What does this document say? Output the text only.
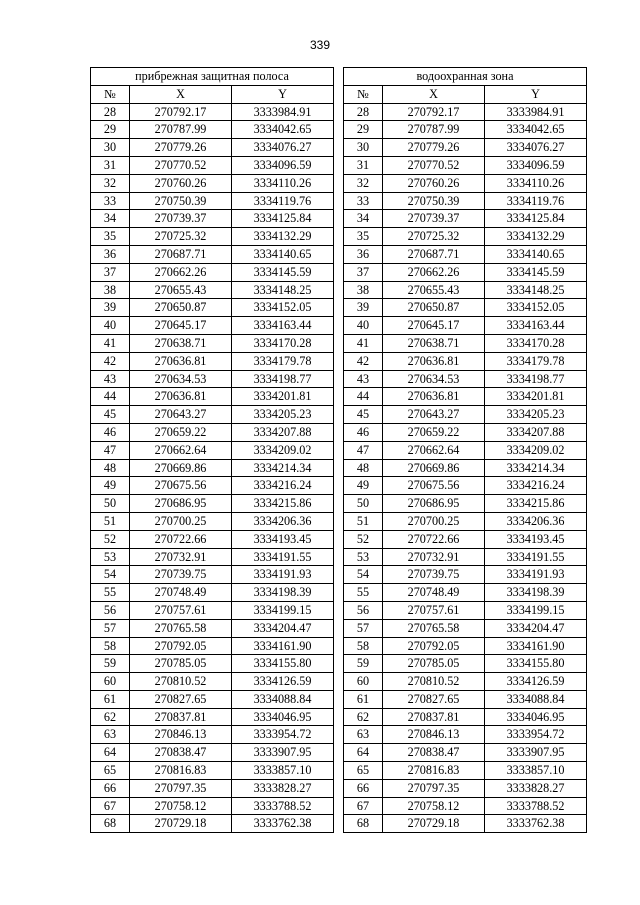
339
прибрежная защитная полоса		
№	X	Y
28	270792.17	3333984.91
29	270787.99	3334042.65
30	270779.26	3334076.27
31	270770.52	3334096.59
32	270760.26	3334110.26
33	270750.39	3334119.76
34	270739.37	3334125.84
35	270725.32	3334132.29
36	270687.71	3334140.65
37	270662.26	3334145.59
38	270655.43	3334148.25
39	270650.87	3334152.05
40	270645.17	3334163.44
41	270638.71	3334170.28
42	270636.81	3334179.78
43	270634.53	3334198.77
44	270636.81	3334201.81
45	270643.27	3334205.23
46	270659.22	3334207.88
47	270662.64	3334209.02
48	270669.86	3334214.34
49	270675.56	3334216.24
50	270686.95	3334215.86
51	270700.25	3334206.36
52	270722.66	3334193.45
53	270732.91	3334191.55
54	270739.75	3334191.93
55	270748.49	3334198.39
56	270757.61	3334199.15
57	270765.58	3334204.47
58	270792.05	3334161.90
59	270785.05	3334155.80
60	270810.52	3334126.59
61	270827.65	3334088.84
62	270837.81	3334046.95
63	270846.13	3333954.72
64	270838.47	3333907.95
65	270816.83	3333857.10
66	270797.35	3333828.27
67	270758.12	3333788.52
68	270729.18	3333762.38
водоохранная зона		
№	X	Y
28	270792.17	3333984.91
29	270787.99	3334042.65
30	270779.26	3334076.27
31	270770.52	3334096.59
32	270760.26	3334110.26
33	270750.39	3334119.76
34	270739.37	3334125.84
35	270725.32	3334132.29
36	270687.71	3334140.65
37	270662.26	3334145.59
38	270655.43	3334148.25
39	270650.87	3334152.05
40	270645.17	3334163.44
41	270638.71	3334170.28
42	270636.81	3334179.78
43	270634.53	3334198.77
44	270636.81	3334201.81
45	270643.27	3334205.23
46	270659.22	3334207.88
47	270662.64	3334209.02
48	270669.86	3334214.34
49	270675.56	3334216.24
50	270686.95	3334215.86
51	270700.25	3334206.36
52	270722.66	3334193.45
53	270732.91	3334191.55
54	270739.75	3334191.93
55	270748.49	3334198.39
56	270757.61	3334199.15
57	270765.58	3334204.47
58	270792.05	3334161.90
59	270785.05	3334155.80
60	270810.52	3334126.59
61	270827.65	3334088.84
62	270837.81	3334046.95
63	270846.13	3333954.72
64	270838.47	3333907.95
65	270816.83	3333857.10
66	270797.35	3333828.27
67	270758.12	3333788.52
68	270729.18	3333762.38
